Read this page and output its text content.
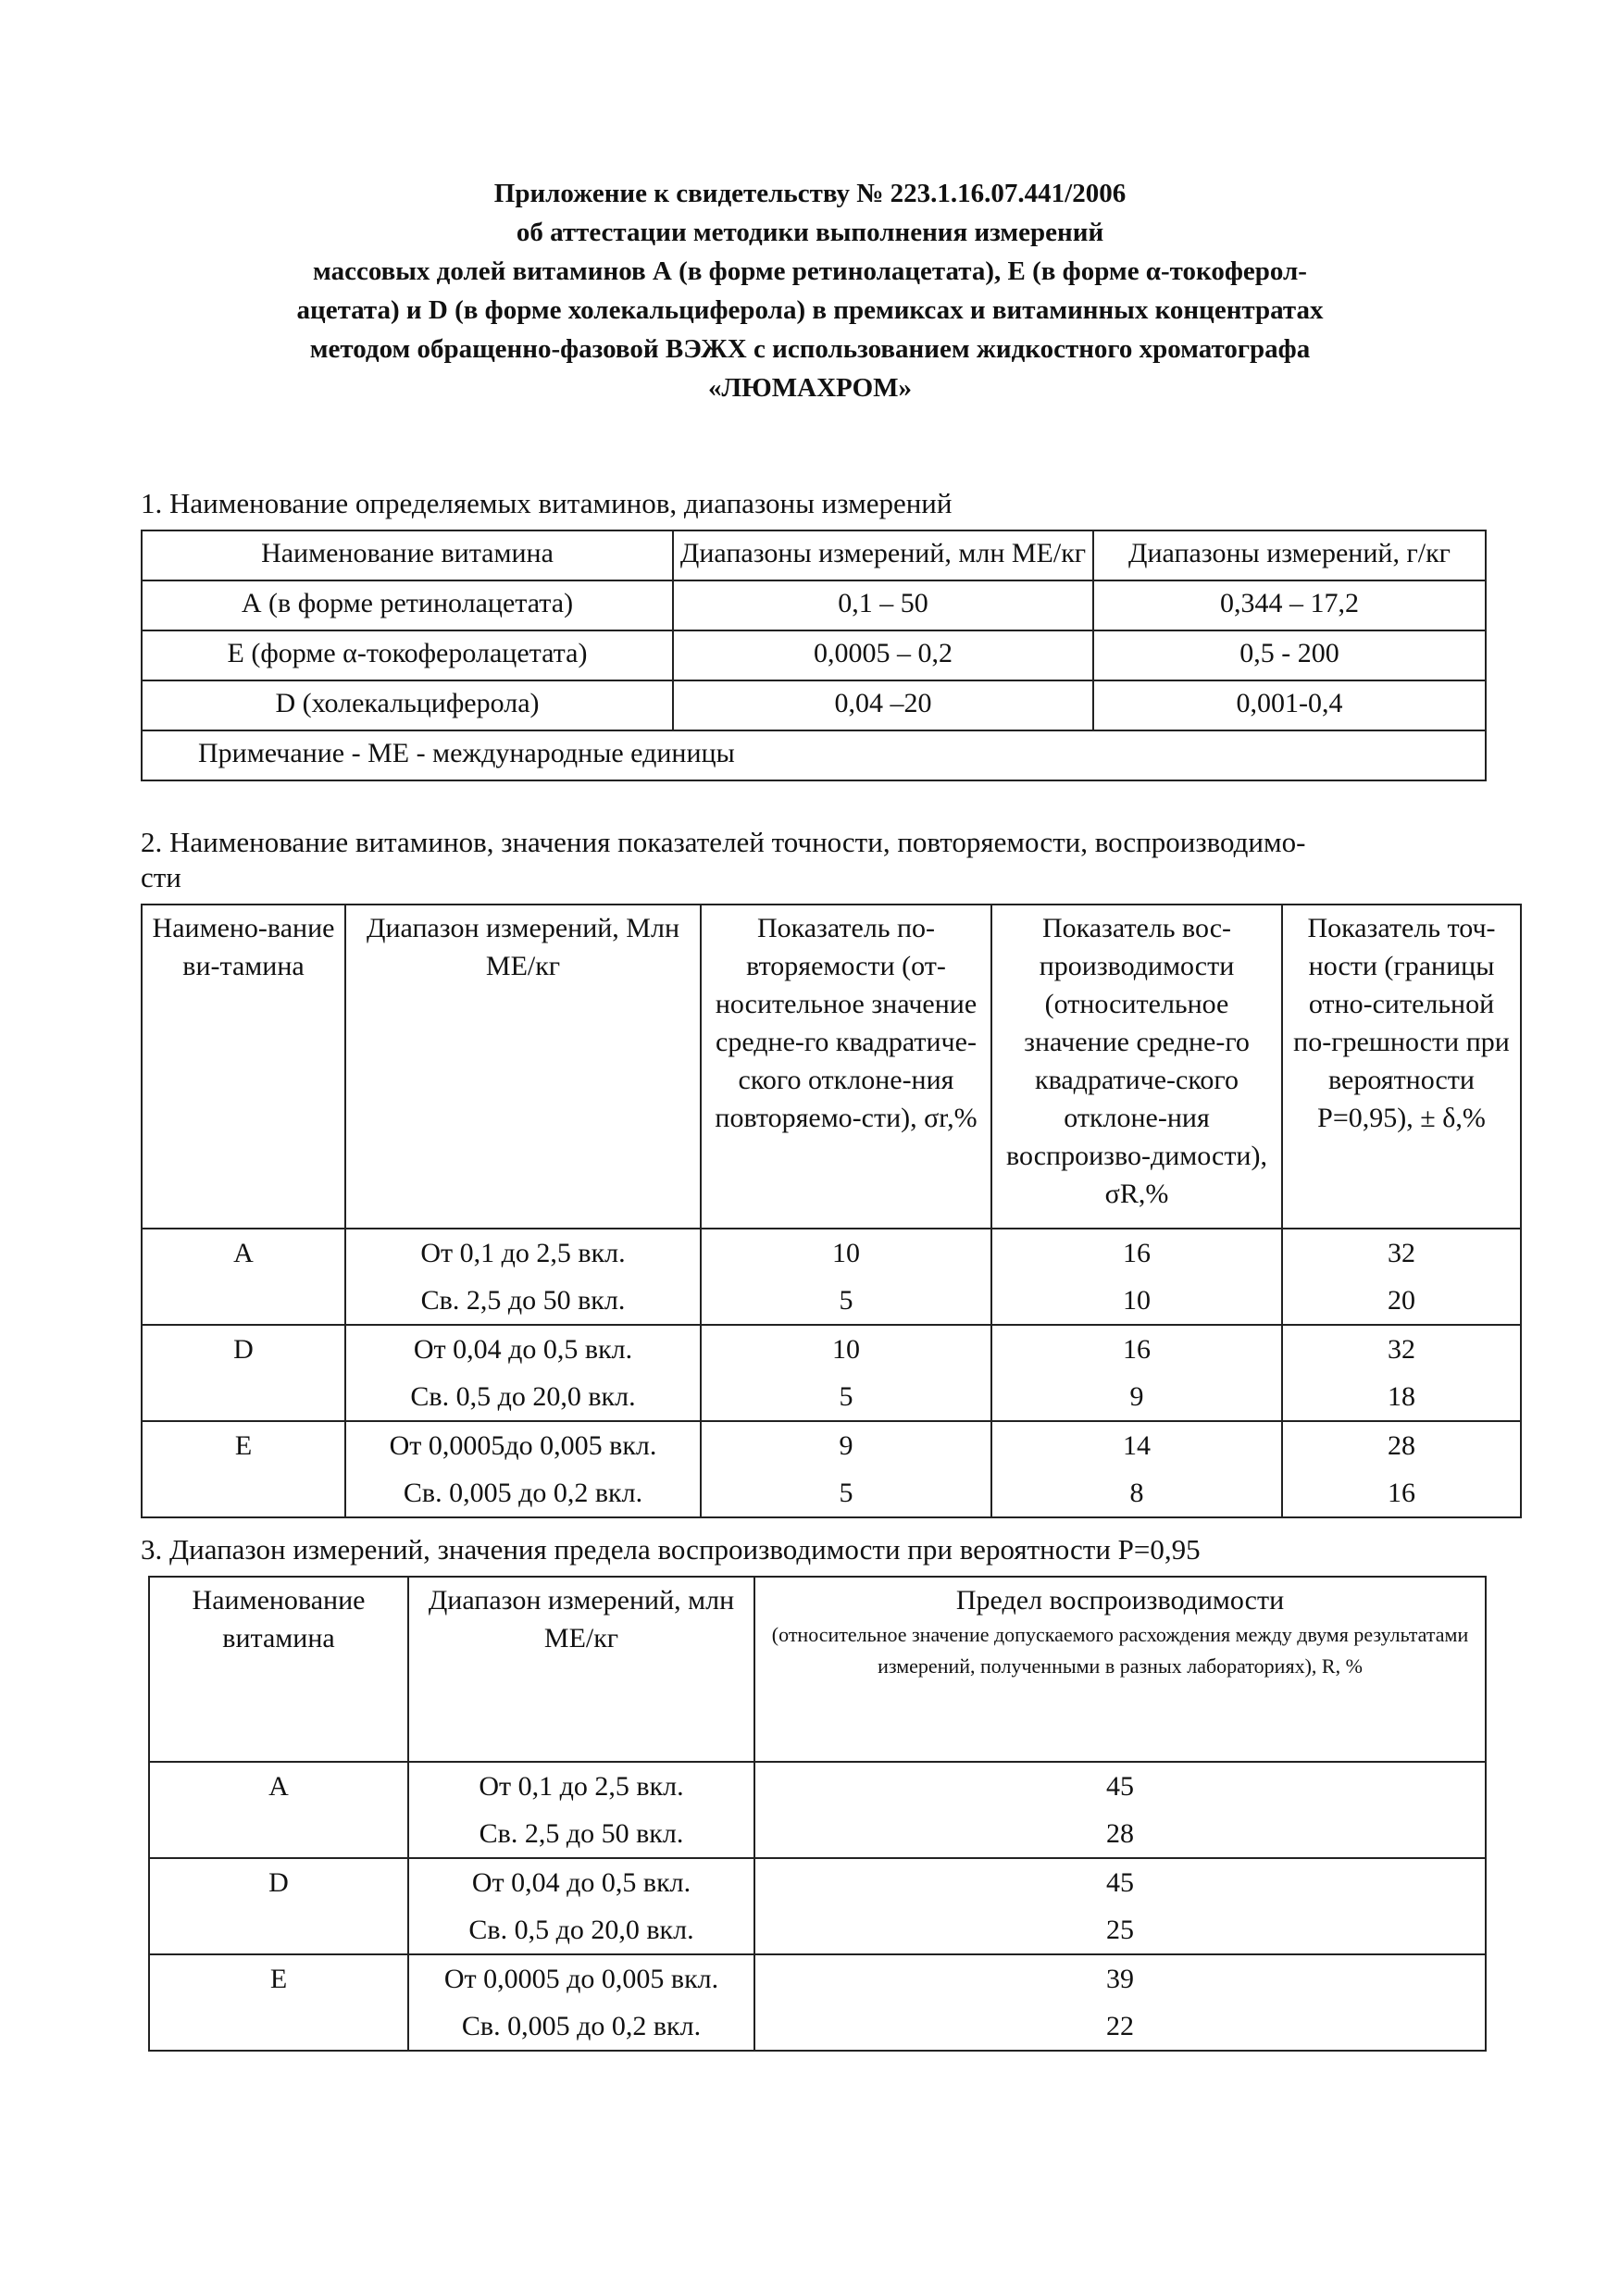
Приложение к свидетельству № 223.1.16.07.441/2006
об аттестации методики выполнения измерений
массовых долей витаминов А (в форме ретинолацетата), Е (в форме α-токоферол-
ацетата) и D (в форме холекальциферола) в премиксах и витаминных концентратах
методом обращенно-фазовой ВЭЖХ с использованием жидкостного хроматографа
«ЛЮМАХРОМ»
1. Наименование определяемых витаминов, диапазоны измерений
Наименование витамина	Диапазоны измерений, млн МЕ/кг	Диапазоны измерений, г/кг
А (в форме ретинолацетата)	0,1 – 50	0,344 – 17,2
Е (форме α-токоферолацетата)	0,0005 – 0,2	0,5 - 200
D (холекальциферола)	0,04 –20	0,001-0,4
Примечание - МЕ - международные единицы		
2. Наименование витаминов, значения показателей точности, повторяемости, воспроизводимо-
сти
Наимено-вание ви-тамина	Диапазон измерений, Млн МЕ/кг	Показатель по-вторяемости (от-носительное значение средне-го квадратиче-ского отклоне-ния повторяемо-сти), σr,%	Показатель вос-производимости (относительное значение средне-го квадратиче-ского отклоне-ния воспроизво-димости), σR,%	Показатель точ-ности (границы отно-сительной по-грешности при вероятности P=0,95), ± δ,%
А	От 0,1 до 2,5 вкл.	10	16	32
	Св. 2,5 до 50 вкл.	5	10	20
D	От 0,04 до 0,5 вкл.	10	16	32
	Св. 0,5 до 20,0 вкл.	5	9	18
Е	От 0,0005до 0,005 вкл.	9	14	28
	Св. 0,005 до 0,2 вкл.	5	8	16
3. Диапазон измерений, значения предела воспроизводимости при вероятности P=0,95
Наименование витамина	Диапазон измерений, млн МЕ/кг	Предел воспроизводимости
(относительное значение допускаемого расхождения между двумя результатами измерений, полученными в разных лабораториях), R, %

А	От 0,1 до 2,5 вкл.	45
	Св. 2,5 до 50 вкл.	28
D	От 0,04 до 0,5 вкл.	45
	Св. 0,5 до 20,0 вкл.	25
Е	От 0,0005 до 0,005 вкл.	39
	Св. 0,005 до 0,2 вкл.	22
